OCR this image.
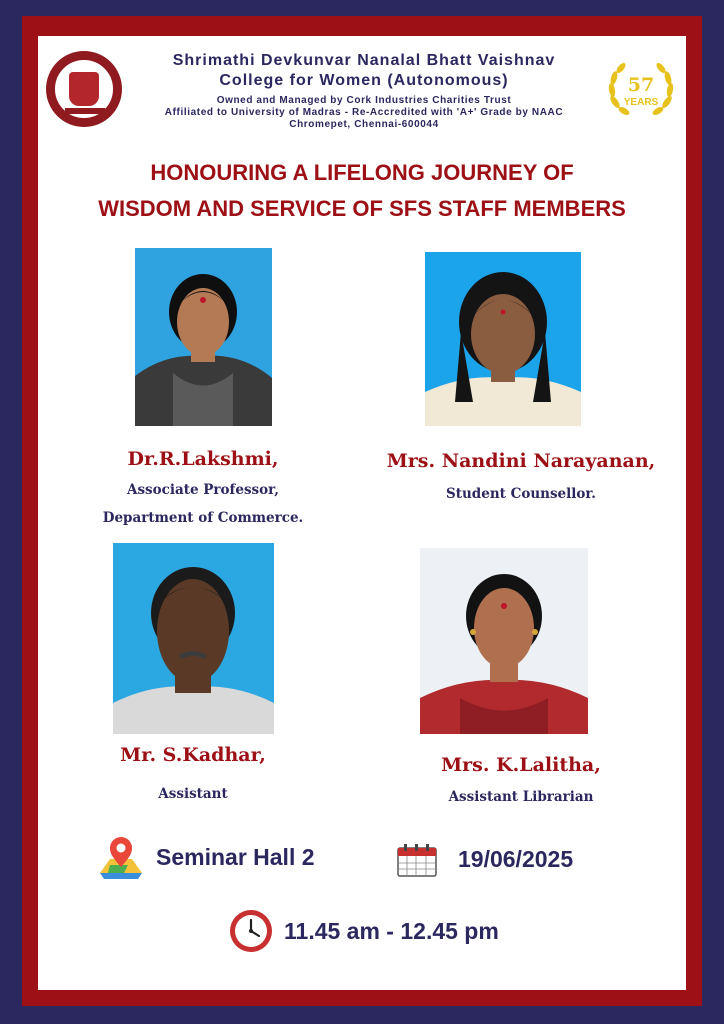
Shrimathi Devkunvar Nanalal Bhatt Vaishnav
College for Women (Autonomous)
Owned and Managed by Cork Industries Charities Trust
Affiliated to University of Madras - Re-Accredited with 'A+' Grade by NAAC
Chromepet, Chennai-600044
57
YEARS
HONOURING A LIFELONG JOURNEY OF
WISDOM AND SERVICE OF SFS STAFF MEMBERS
Dr.R.Lakshmi,
Associate Professor,
Department of Commerce.
Mrs. Nandini Narayanan,
Student Counsellor.
Mr. S.Kadhar,
Assistant
Mrs. K.Lalitha,
Assistant Librarian
Seminar Hall 2	19/06/2025
11.45 am - 12.45 pm
